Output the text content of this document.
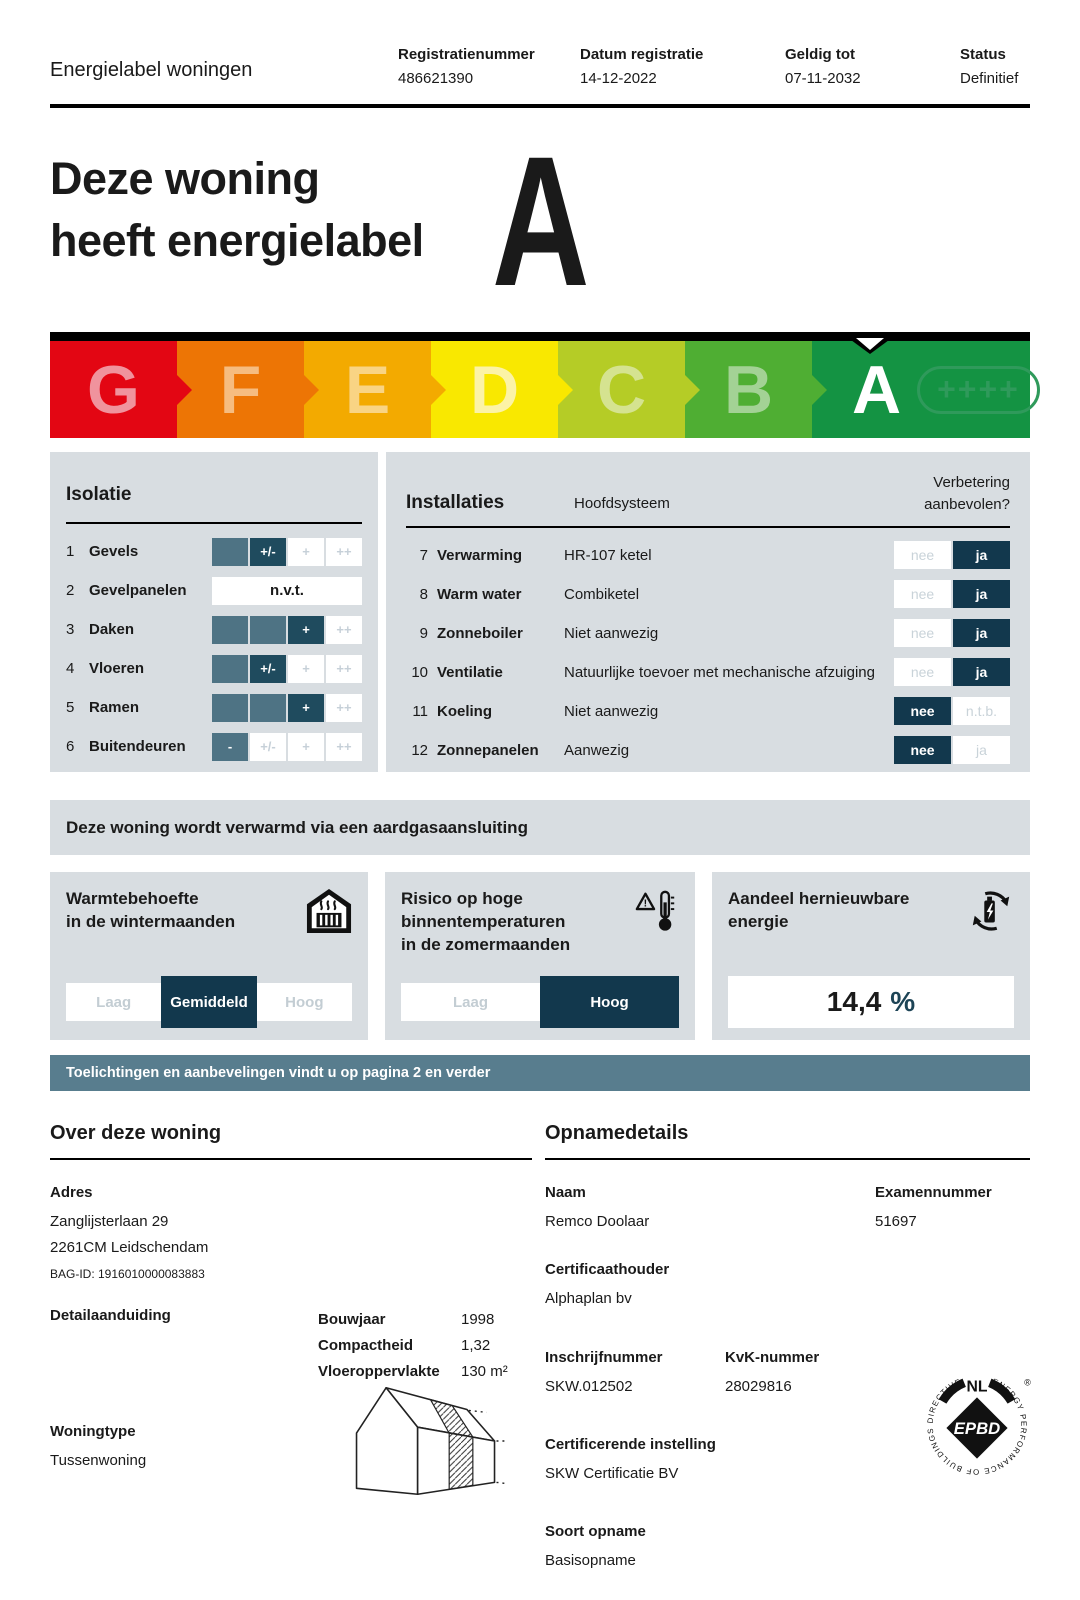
Energielabel woningen
Registratienummer
486621390
Datum registratie
14-12-2022
Geldig tot
07-11-2032
Status
Definitief
Deze woning
heeft energielabel A
G F E D C B A	++++
Isolatie
1 Gevels	+/-	+	++
2 Gevelpanelen	n.v.t.
3 Daken	+	++
4 Vloeren	+/-	+	++
5 Ramen	+	++
6 Buitendeuren	-	+/-	+	++
Installaties	Hoofdsysteem
Verbetering aanbevolen?
7 Verwarming	HR-107 ketel	nee	ja
8 Warm water	Combiketel	nee	ja
9 Zonneboiler	Niet aanwezig	nee	ja
10 Ventilatie	Natuurlijke toevoer met mechanische afzuiging	nee	ja
11 Koeling	Niet aanwezig	nee	n.t.b.
12 Zonnepanelen	Aanwezig	nee	ja
Deze woning wordt verwarmd via een aardgasaansluiting
Warmtebehoefte
in de wintermaanden
Laag	Gemiddeld	Hoog
Risico op hoge
binnentemperaturen
in de zomermaanden
!
Laag	Hoog
Aandeel hernieuwbare
energie
14,4 %
Toelichtingen en aanbevelingen vindt u op pagina 2 en verder
Over deze woning
Adres
Zanglijsterlaan 29
2261CM Leidschendam
BAG-ID: 1916010000083883
Detailaanduiding	Bouwjaar	1998
Compactheid	1,32
Vloeroppervlakte	130 m²
Woningtype
Tussenwoning
Opnamedetails
Naam
Remco Doolaar
Examennummer
51697
Certificaathouder
Alphaplan bv
Inschrijfnummer
SKW.012502
KvK-nummer
28029816
Certificerende instelling
SKW Certificatie BV
Soort opname
Basisopname
ENERGY PERFORMANCE OF BUILDINGS DIRECTIVE NL	®
EPBD
